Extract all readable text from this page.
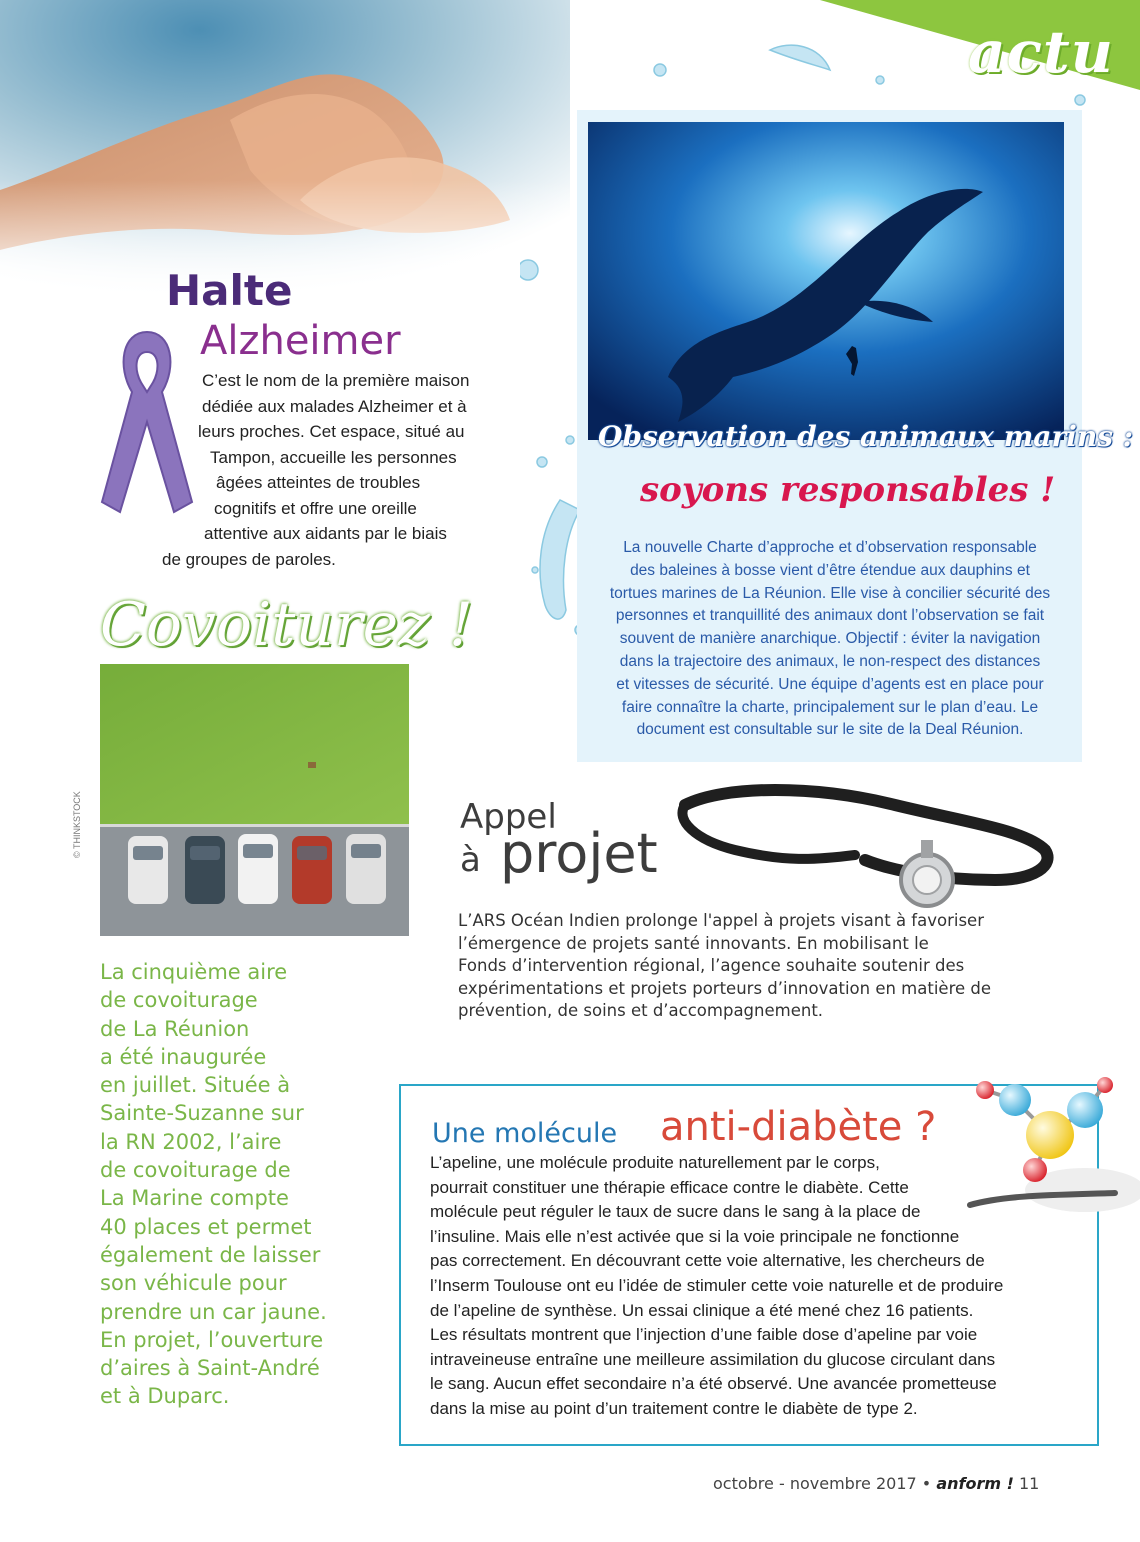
actu
Halte
Alzheimer
C’est le nom de la première maison
dédiée aux malades Alzheimer et à
leurs proches. Cet espace, situé au
Tampon, accueille les personnes
âgées atteintes de troubles
cognitifs et offre une oreille
attentive aux aidants par le biais
de groupes de paroles.
Covoiturez !
© THINKSTOCK
La cinquième aire
de covoiturage
de La Réunion
a été inaugurée
en juillet. Située à
Sainte-Suzanne sur
la RN 2002, l’aire
de covoiturage de
La Marine compte
40 places et permet
également de laisser
son véhicule pour
prendre un car jaune.
En projet, l’ouverture
d’aires à Saint-André
et à Duparc.
Observation des animaux marins :
soyons responsables !
La nouvelle Charte d’approche et d’observation responsable
des baleines à bosse vient d’être étendue aux dauphins et
tortues marines de La Réunion. Elle vise à concilier sécurité des
personnes et tranquillité des animaux dont l’observation se fait
souvent de manière anarchique. Objectif : éviter la navigation
dans la trajectoire des animaux, le non-respect des distances
et vitesses de sécurité. Une équipe d’agents est en place pour
faire connaître la charte, principalement sur le plan d’eau. Le
document est consultable sur le site de la Deal Réunion.
Appel
à projet
L’ARS Océan Indien prolonge l'appel à projets visant à favoriser
l’émergence de projets santé innovants. En mobilisant le
Fonds d’intervention régional, l’agence souhaite soutenir des
expérimentations et projets porteurs d’innovation en matière de
prévention, de soins et d’accompagnement.
Une molécule anti-diabète ?
L’apeline, une molécule produite naturellement par le corps,
pourrait constituer une thérapie efficace contre le diabète. Cette
molécule peut réguler le taux de sucre dans le sang à la place de
l’insuline. Mais elle n’est activée que si la voie principale ne fonctionne
pas correctement. En découvrant cette voie alternative, les chercheurs de
l’Inserm Toulouse ont eu l’idée de stimuler cette voie naturelle et de produire
de l’apeline de synthèse. Un essai clinique a été mené chez 16 patients.
Les résultats montrent que l’injection d’une faible dose d’apeline par voie
intraveineuse entraîne une meilleure assimilation du glucose circulant dans
le sang. Aucun effet secondaire n’a été observé. Une avancée prometteuse
dans la mise au point d’un traitement contre le diabète de type 2.
octobre - novembre 2017 • anform ! 11
